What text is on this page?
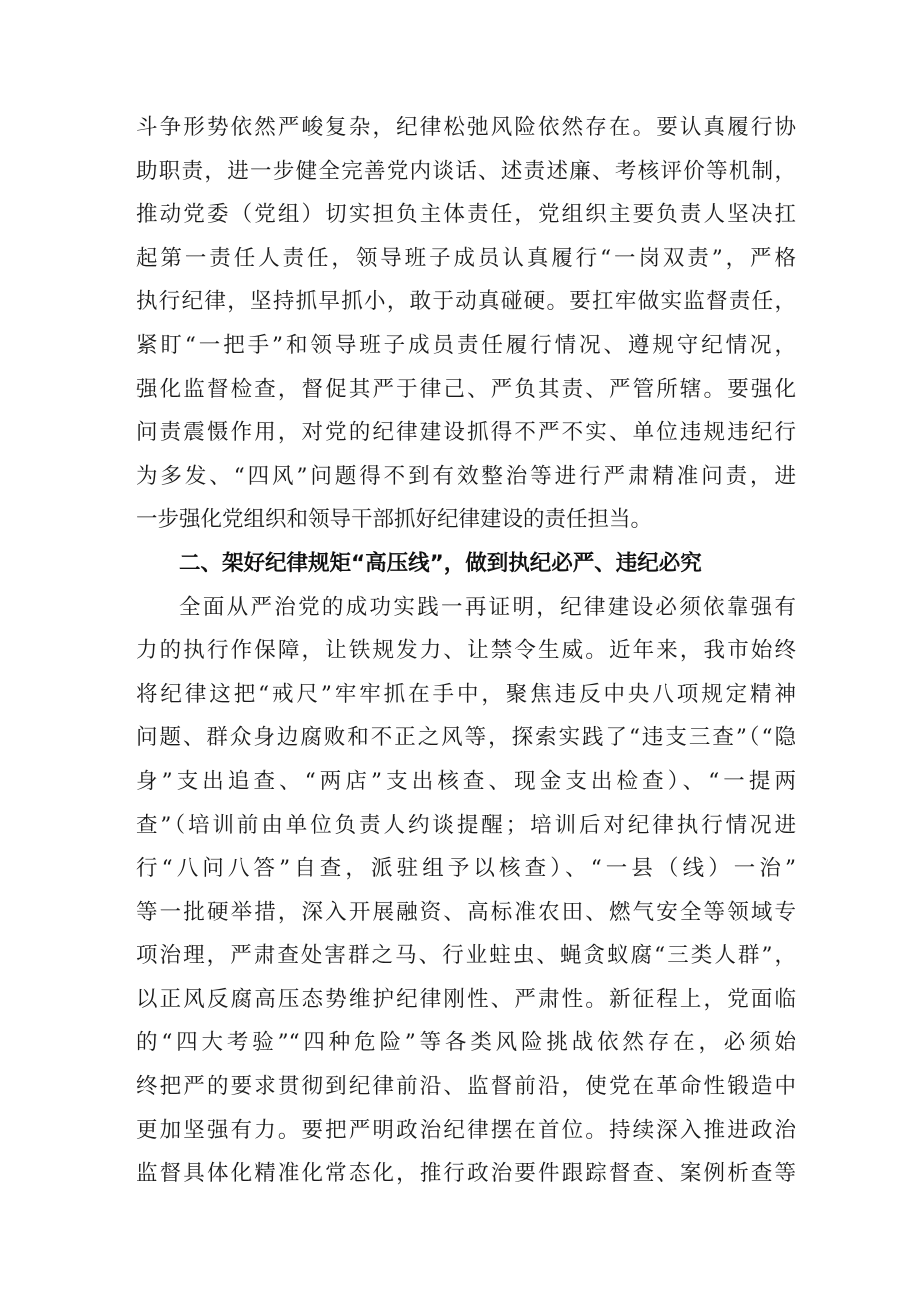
斗争形势依然严峻复杂，纪律松弛风险依然存在。要认真履行协
助职责，进一步健全完善党内谈话、述责述廉、考核评价等机制，
推动党委（党组）切实担负主体责任，党组织主要负责人坚决扛
起第一责任人责任，领导班子成员认真履行“一岗双责”，严格
执行纪律，坚持抓早抓小，敢于动真碰硬。要扛牢做实监督责任，
紧盯“一把手”和领导班子成员责任履行情况、遵规守纪情况，
强化监督检查，督促其严于律己、严负其责、严管所辖。要强化
问责震慑作用，对党的纪律建设抓得不严不实、单位违规违纪行
为多发、“四风”问题得不到有效整治等进行严肃精准问责，进
一步强化党组织和领导干部抓好纪律建设的责任担当。
二、架好纪律规矩“高压线”，做到执纪必严、违纪必究
全面从严治党的成功实践一再证明，纪律建设必须依靠强有
力的执行作保障，让铁规发力、让禁令生威。近年来，我市始终
将纪律这把“戒尺”牢牢抓在手中，聚焦违反中央八项规定精神
问题、群众身边腐败和不正之风等，探索实践了“违支三查”（“隐
身”支出追查、“两店”支出核查、现金支出检查）、“一提两
查”（培训前由单位负责人约谈提醒；培训后对纪律执行情况进
行“八问八答”自查，派驻组予以核查）、“一县（线）一治”
等一批硬举措，深入开展融资、高标准农田、燃气安全等领域专
项治理，严肃查处害群之马、行业蛀虫、蝇贪蚁腐“三类人群”，
以正风反腐高压态势维护纪律刚性、严肃性。新征程上，党面临
的“四大考验”“四种危险”等各类风险挑战依然存在，必须始
终把严的要求贯彻到纪律前沿、监督前沿，使党在革命性锻造中
更加坚强有力。要把严明政治纪律摆在首位。持续深入推进政治
监督具体化精准化常态化，推行政治要件跟踪督查、案例析查等
